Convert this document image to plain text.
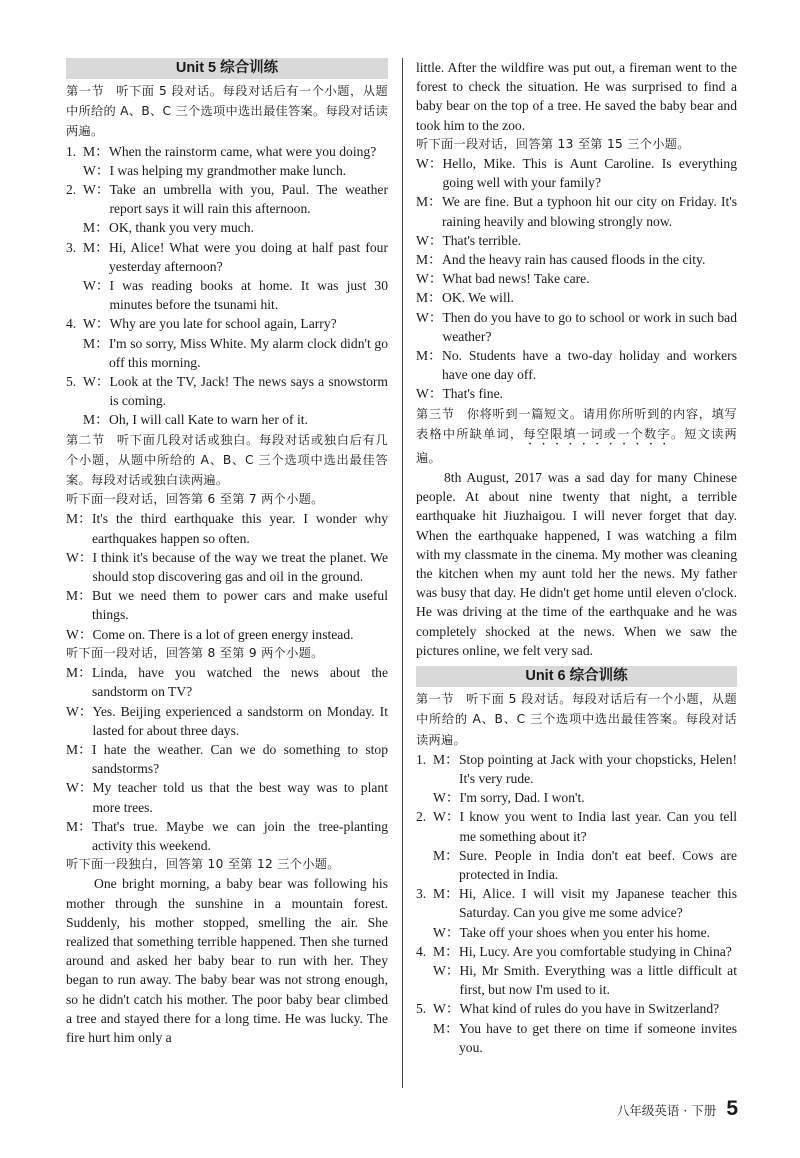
Unit 5 综合训练
第一节 听下面 5 段对话。每段对话后有一个小题，从题中所给的 A、B、C 三个选项中选出最佳答案。每段对话读两遍。
1. M： When the rainstorm came, what were you doing?
W： I was helping my grandmother make lunch.
2. W： Take an umbrella with you, Paul. The weather report says it will rain this afternoon.
M： OK, thank you very much.
3. M： Hi, Alice! What were you doing at half past four yesterday afternoon?
W： I was reading books at home. It was just 30 minutes before the tsunami hit.
4. W： Why are you late for school again, Larry?
M： I'm so sorry, Miss White. My alarm clock didn't go off this morning.
5. W： Look at the TV, Jack! The news says a snowstorm is coming.
M： Oh, I will call Kate to warn her of it.
第二节 听下面几段对话或独白。每段对话或独白后有几个小题，从题中所给的 A、B、C 三个选项中选出最佳答案。每段对话或独白读两遍。
听下面一段对话，回答第 6 至第 7 两个小题。
M： It's the third earthquake this year. I wonder why earthquakes happen so often.
W： I think it's because of the way we treat the planet. We should stop discovering gas and oil in the ground.
M： But we need them to power cars and make useful things.
W： Come on. There is a lot of green energy instead.
听下面一段对话，回答第 8 至第 9 两个小题。
M： Linda, have you watched the news about the sandstorm on TV?
W： Yes. Beijing experienced a sandstorm on Monday. It lasted for about three days.
M： I hate the weather. Can we do something to stop sandstorms?
W： My teacher told us that the best way was to plant more trees.
M： That's true. Maybe we can join the tree-planting activity this weekend.
听下面一段独白，回答第 10 至第 12 三个小题。
One bright morning, a baby bear was following his mother through the sunshine in a mountain forest. Suddenly, his mother stopped, smelling the air. She realized that something terrible happened. Then she turned around and asked her baby bear to run with her. They began to run away. The baby bear was not strong enough, so he didn't catch his mother. The poor baby bear climbed a tree and stayed there for a long time. He was lucky. The fire hurt him only a
little. After the wildfire was put out, a fireman went to the forest to check the situation. He was surprised to find a baby bear on the top of a tree. He saved the baby bear and took him to the zoo.
听下面一段对话，回答第 13 至第 15 三个小题。
W： Hello, Mike. This is Aunt Caroline. Is everything going well with your family?
M： We are fine. But a typhoon hit our city on Friday. It's raining heavily and blowing strongly now.
W： That's terrible.
M： And the heavy rain has caused floods in the city.
W： What bad news! Take care.
M： OK. We will.
W： Then do you have to go to school or work in such bad weather?
M： No. Students have a two-day holiday and workers have one day off.
W： That's fine.
第三节 你将听到一篇短文。请用你所听到的内容，填写表格中所缺单词，每空限填一词或一个数字。短文读两遍。
8th August, 2017 was a sad day for many Chinese people. At about nine twenty that night, a terrible earthquake hit Jiuzhaigou. I will never forget that day. When the earthquake happened, I was watching a film with my classmate in the cinema. My mother was cleaning the kitchen when my aunt told her the news. My father was busy that day. He didn't get home until eleven o'clock. He was driving at the time of the earthquake and he was completely shocked at the news. When we saw the pictures online, we felt very sad.
Unit 6 综合训练
第一节 听下面 5 段对话。每段对话后有一个小题，从题中所给的 A、B、C 三个选项中选出最佳答案。每段对话读两遍。
1. M： Stop pointing at Jack with your chopsticks, Helen! It's very rude.
W： I'm sorry, Dad. I won't.
2. W： I know you went to India last year. Can you tell me something about it?
M： Sure. People in India don't eat beef. Cows are protected in India.
3. M： Hi, Alice. I will visit my Japanese teacher this Saturday. Can you give me some advice?
W： Take off your shoes when you enter his home.
4. M： Hi, Lucy. Are you comfortable studying in China?
W： Hi, Mr Smith. Everything was a little difficult at first, but now I'm used to it.
5. W： What kind of rules do you have in Switzerland?
M： You have to get there on time if someone invites you.
八年级英语 · 下册 5
